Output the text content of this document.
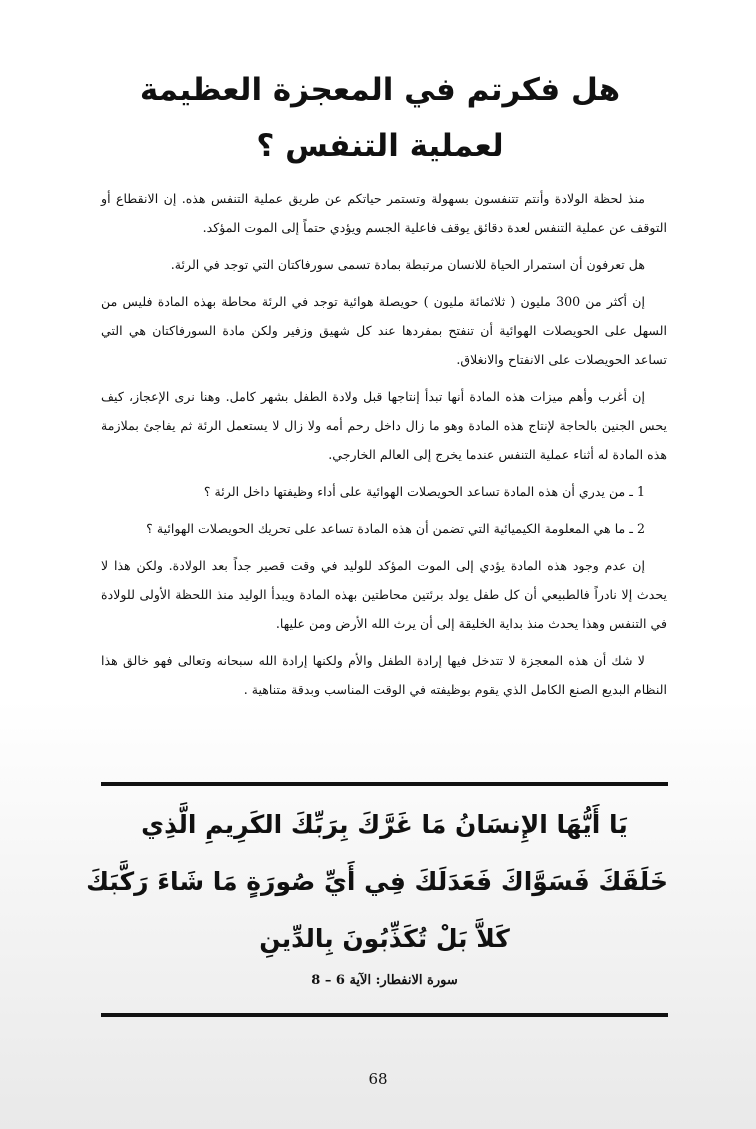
هل فكرتم في المعجزة العظيمة لعملية التنفس ؟

منذ لحظة الولادة وأنتم تتنفسون بسهولة وتستمر حياتكم عن طريق عملية التنفس هذه. إن الانقطاع أو التوقف عن عملية التنفس لعدة دقائق يوقف فاعلية الجسم ويؤدي حتماً إلى الموت المؤكد.

هل تعرفون أن استمرار الحياة للانسان مرتبطة بمادة تسمى سورفاكتان التي توجد في الرئة.

إن أكثر من 300 مليون ( ثلاثمائة مليون ) حويصلة هوائية توجد في الرئة محاطة بهذه المادة فليس من السهل على الحويصلات الهوائية أن تنفتح بمفردها عند كل شهيق وزفير ولكن مادة السورفاكتان هي التي تساعد الحويصلات على الانفتاح والانغلاق.

إن أغرب وأهم ميزات هذه المادة أنها تبدأ إنتاجها قبل ولادة الطفل بشهر كامل. وهنا نرى الإعجاز، كيف يحس الجنين بالحاجة لإنتاج هذه المادة وهو ما زال داخل رحم أمه ولا زال لا يستعمل الرئة ثم يفاجئ بملازمة هذه المادة له أثناء عملية التنفس عندما يخرج إلى العالم الخارجي.

1 ـ من يدري أن هذه المادة تساعد الحويصلات الهوائية على أداء وظيفتها داخل الرئة ؟

2 ـ ما هي المعلومة الكيميائية التي تضمن أن هذه المادة تساعد على تحريك الحويصلات الهوائية ؟

إن عدم وجود هذه المادة يؤدي إلى الموت المؤكد للوليد في وقت قصير جداً بعد الولادة. ولكن هذا لا يحدث إلا نادراً فالطبيعي أن كل طفل يولد برئتين محاطتين بهذه المادة ويبدأ الوليد منذ اللحظة الأولى للولادة في التنفس وهذا يحدث منذ بداية الخليقة إلى أن يرث الله الأرض ومن عليها.

لا شك أن هذه المعجزة لا تتدخل فيها إرادة الطفل والأم ولكنها إرادة الله سبحانه وتعالى فهو خالق هذا النظام البديع الصنع الكامل الذي يقوم بوظيفته في الوقت المناسب وبدقة متناهية .

يَا أَيُّهَا الإِنسَانُ مَا غَرَّكَ بِرَبِّكَ الكَرِيمِ الَّذِي

خَلَقَكَ فَسَوَّاكَ فَعَدَلَكَ فِي أَيِّ صُورَةٍ مَا شَاءَ رَكَّبَكَ

كَلاَّ بَلْ تُكَذِّبُونَ بِالدِّينِ

سورة الانفطار: الآية 6 – 8

68
